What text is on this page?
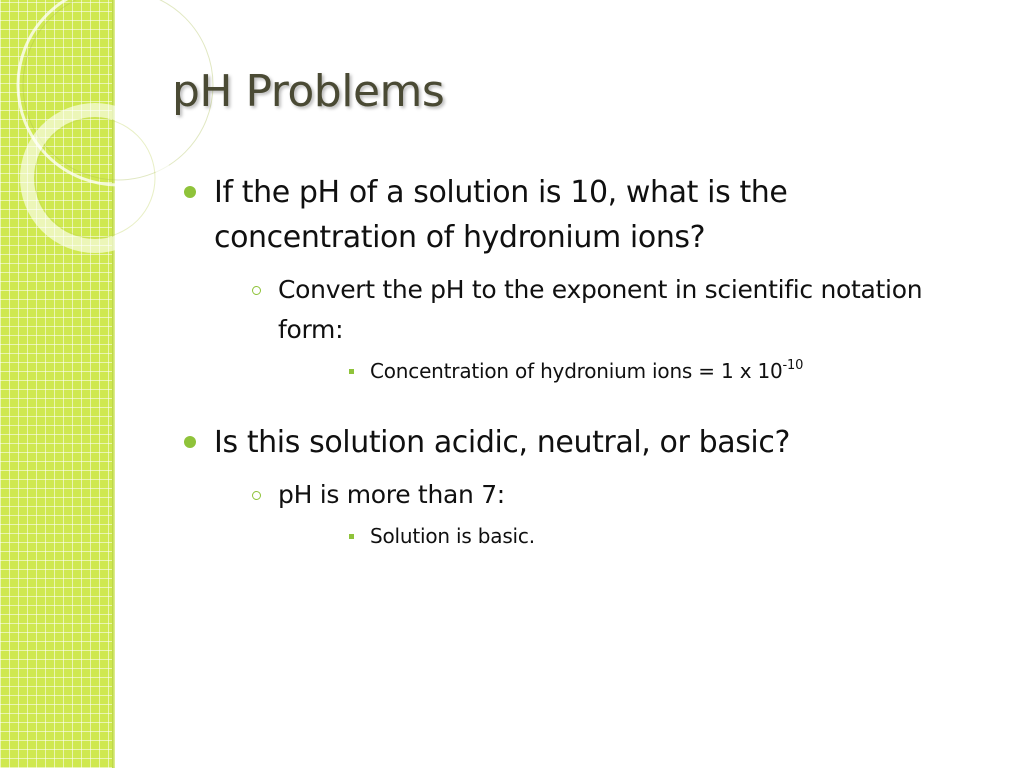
pH Problems
If the pH of a solution is 10, what is the concentration of hydronium ions?
Convert the pH to the exponent in scientific notation form:
Concentration of hydronium ions = 1 x $10^{-10}$
Is this solution acidic, neutral, or basic?
pH is more than 7:
Solution is basic.
